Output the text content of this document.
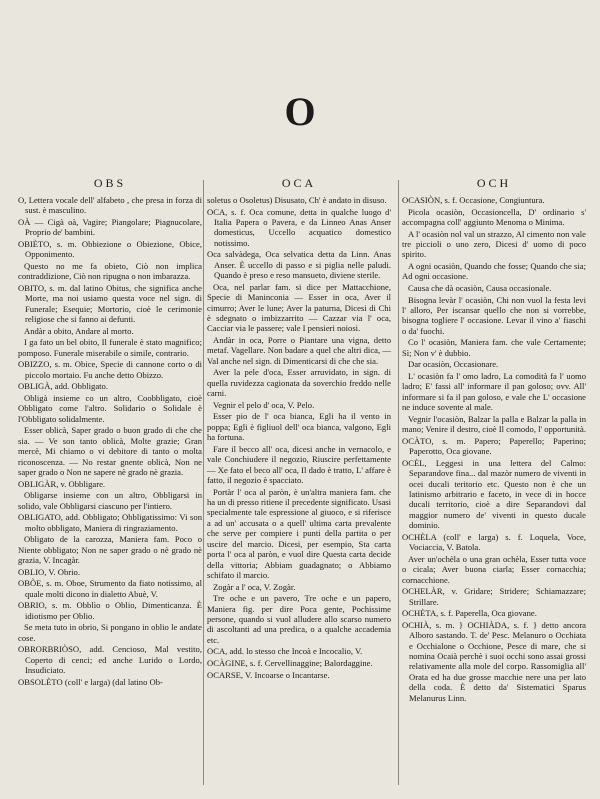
O
OBS

O, Lettera vocale dell' alfabeto , che presa in forza di sust. è masculino.

OÀ — Cigà oà, Vagire; Piangolare; Piagnucolare, Proprio de' bambini.

OBIÈTO, s. m. Obbiezione o Obiezione, Obice, Opponimento.

Questo no me fa obieto, Ciò non implica contraddizione, Ciò non ripugna o non imbarazza.

OBITO, s. m. dal latino Obitus, che significa anche Morte, ma noi usiamo questa voce nel sign. di Funerale; Esequie; Mortorio, cioè le cerimonie religiose che si fanno ai defunti.

Andàr a obito, Andare al morto.

I ga fato un bel obito, Il funerale è stato magnifico; pomposo. Funerale miserabile o simile, contrario.

OBIZZO, s. m. Obice, Specie di cannone corto o di piccolo mortaio. Fu anche detto Obizzo.

OBLIGÀ, add. Obbligato.

Obligà insieme co un altro, Coobbligato, cioè Obbligato come l'altro. Solidario o Solidale è l'Obbligato solidalmente.

Esser oblicà, Saper grado o buon grado di che che sia. — Ve son tanto oblicà, Molte grazie; Gran mercè, Mi chiamo o vi debitore di tanto o molta riconoscenza. — No restar gnente oblicà, Non ne saper grado o Non ne sapere nè grado nè grazia.

OBLIGÀR, v. Obbligare.

Obligarse insieme con un altro, Obbligarsi in solido, vale Obbligarsi ciascuno per l'intiero.

OBLIGATO, add. Obbligato; Obbligatissimo: Vi son molto obbligato, Maniera di ringraziamento.

Obligato de la carozza, Maniera fam. Poco o Niente obbligato; Non ne saper grado o nè grado nè grazia, V. Incagàr.

OBLIO, V. Obrio.

OBÒE, s. m. Oboe, Strumento da fiato notissimo, al quale molti dicono in dialetto Abuè, V.

OBRIO, s. m. Obblìo o Oblio, Dimenticanza. È idiotismo per Oblio.

Se meta tuto in obrio, Si pongano in oblio le andate cose.

OBRORBRIÒSO, add. Cencioso, Mal vestito, Coperto di cenci; ed anche Lurido o Lordo, Insudiciato.

OBSOLÈTO (coll' e larga) (dal latino Ob-

OCA

soletus o Osoletus) Disusato, Ch' è andato in disuso.

OCA, s. f. Oca comune, detta in qualche luogo d' Italia Papera o Pavera, e da Linneo Anas Anser domesticus, Uccello acquatico domestico notissimo.

Oca salvàdega, Oca selvatica detta da Linn. Anas Anser. È uccello di passo e si piglia nelle paludi. Quando è preso e reso mansueto, diviene sterile.

Oca, nel parlar fam. si dice per Mattacchione, Specie di Maninconia — Esser in oca, Aver il cimurro; Aver le lune; Aver la paturna, Dicesi di Chi è sdegnato o imbizzarrito — Cazzar via l' oca, Cacciar via le passere; vale I pensieri noiosi.

Andàr in oca, Porre o Piantare una vigna, detto metaf. Vagellare. Non badare a quel che altri dica, — Val anche nel sign. di Dimenticarsi di che che sia.

Aver la pele d'oca, Esser arruvidato, in sign. di quella ruvidezza cagionata da soverchio freddo nelle carni.

Vegnir el pelo d' oca, V. Pelo.

Esser pio de l' oca bianca, Egli ha il vento in poppa; Egli è figliuol dell' oca bianca, valgono, Egli ha fortuna.

Fare il becco all' oca, dicesi anche in vernacolo, e vale Conchiudere il negozio, Riuscire perfettamente — Xe fato el beco all' oca, Il dado è tratto, L' affare è fatto, il negozio è spacciato.

Portàr l' oca al paròn, è un'altra maniera fam. che ha un di presso ritiene il precedente significato. Usasi specialmente tale espressione al giuoco, e si riferisce a ad un' accusata o a quell' ultima carta prevalente che serve per compiere i punti della partita o per uscire del marcio. Dicesi, per esempio, Sta carta porta l' oca al paròn, e vuol dire Questa carta decide della vittoria; Abbiam guadagnato; o Abbiamo schifato il marcio.

Zogàr a l' oca, V. Zogàr.

Tre oche e un pavero, Tre oche e un papero, Maniera fig. per dire Poca gente, Pochissime persone, quando si vuol alludere allo scarso numero di ascoltanti ad una predica, o a qualche accademia etc.

OCA, add. lo stesso che Incoà e Incocalio, V.

OCÀGINE, s. f. Cervellinaggine; Balordaggine.

OCARSE, V. Incoarse o Incantarse.

OCH

OCASIÒN, s. f. Occasione, Congiuntura.

Picola ocasiòn, Occasioncella, D' ordinario s' accompagna coll' aggiunto Menoma o Minima.

A l' ocasiòn nol val un strazzo, Al cimento non vale tre piccioli o uno zero, Dicesi d' uomo di poco spirito.

A ogni ocasiòn, Quando che fosse; Quando che sia; Ad ogni occasione.

Causa che dà ocasiòn, Causa occasionale.

Bisogna levàr l' ocasiòn, Chi non vuol la festa levi l' alloro, Per iscansar quello che non si vorrebbe, bisogna togliere l' occasione. Levar il vino a' fiaschi o da' fuochi.

Co l' ocasiòn, Maniera fam. che vale Certamente; Sì; Non v' è dubbio.

Dar ocasiòn, Occasionare.

L' ocasiòn fa l' omo ladro, La comodità fa l' uomo ladro; E' fassi all' informare il pan goloso; ovv. All' informare si fa il pan goloso, e vale che L' occasione ne induce sovente al male.

Vegnir l'ocasiòn, Balzar la palla e Balzar la palla in mano; Venire il destro, cioè Il comodo, l' opportunità.

OCÀTO, s. m. Papero; Paperello; Paperino; Paperotto, Oca giovane.

OCÈL, Leggesi in una lettera del Calmo: Separandove fina... dal mazòr numero de viventi in ocei ducali teritorio etc. Questo non è che un latinismo arbitrario e faceto, in vece di in hocce ducali territorio, cioè a dire Separandovi dal maggior numero de' viventi in questo ducale dominio.

OCHÈLA (coll' e larga) s. f. Loquela, Voce, Vociaccia, V. Batola.

Aver un'ochèla o una gran ochèla, Esser tutta voce o cicala; Aver buona ciarla; Esser cornacchia; cornacchione.

OCHELÀR, v. Gridare; Stridere; Schiamazzare; Strillare.

OCHÈTA, s. f. Paperella, Oca giovane.

OCHIÀ, s. m. } OCHIÀDA, s. f. } detto ancora Alboro sastando. T. de' Pesc. Melanuro o Occhiata e Occhialone o Occhione, Pesce di mare, che si nomina Ocaià perchè i suoi occhi sono assai grossi relativamente alla mole del corpo. Rassomiglia all' Orata ed ha due grosse macchie nere una per lato della coda. È detto da' Sistematici Sparus Melanurus Linn.
